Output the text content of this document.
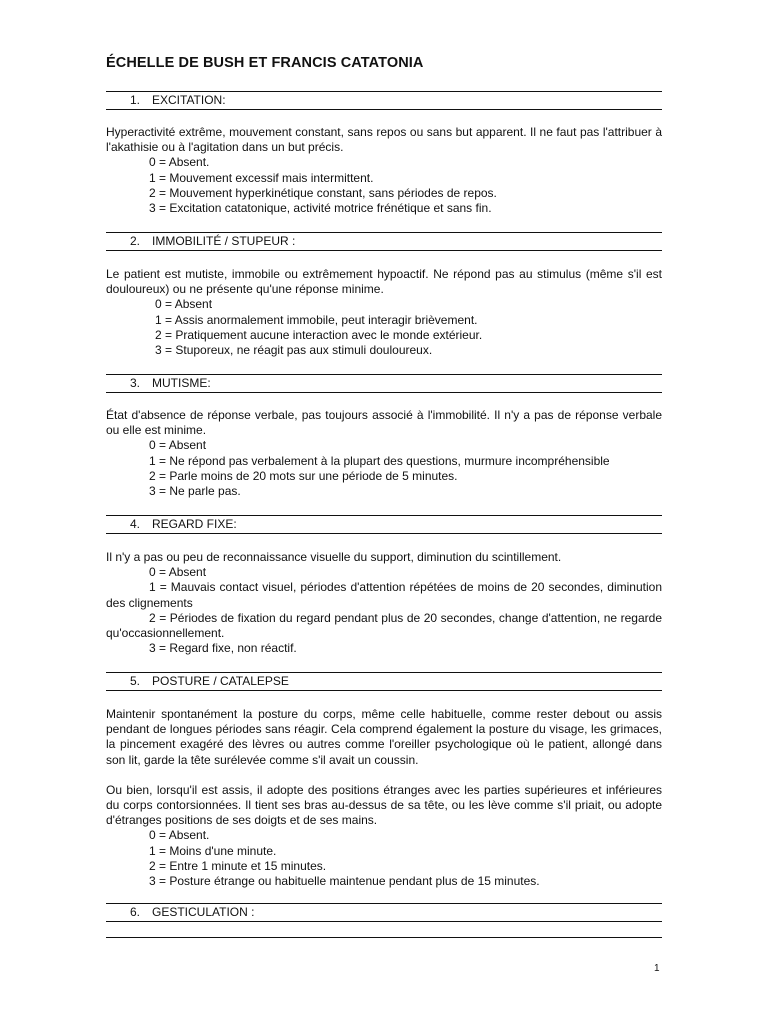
ÉCHELLE DE BUSH ET FRANCIS CATATONIA
1. EXCITATION:

Hyperactivité extrême, mouvement constant, sans repos ou sans but apparent. Il ne faut pas l'attribuer à l'akathisie ou à l'agitation dans un but précis.

0 = Absent.

1 = Mouvement excessif mais intermittent.

2 = Mouvement hyperkinétique constant, sans périodes de repos.

3 = Excitation catatonique, activité motrice frénétique et sans fin.

2. IMMOBILITÉ / STUPEUR :

Le patient est mutiste, immobile ou extrêmement hypoactif. Ne répond pas au stimulus (même s'il est douloureux) ou ne présente qu'une réponse minime.

0 = Absent

1 = Assis anormalement immobile, peut interagir brièvement.

2 = Pratiquement aucune interaction avec le monde extérieur.

3 = Stuporeux, ne réagit pas aux stimuli douloureux.

3. MUTISME:

État d'absence de réponse verbale, pas toujours associé à l'immobilité. Il n'y a pas de réponse verbale ou elle est minime.

0 = Absent

1 = Ne répond pas verbalement à la plupart des questions, murmure incompréhensible

2 = Parle moins de 20 mots sur une période de 5 minutes.

3 = Ne parle pas.

4. REGARD FIXE:

Il n'y a pas ou peu de reconnaissance visuelle du support, diminution du scintillement.

0 = Absent

1 = Mauvais contact visuel, périodes d'attention répétées de moins de 20 secondes, diminution des clignements

2 = Périodes de fixation du regard pendant plus de 20 secondes, change d'attention, ne regarde qu'occasionnellement.

3 = Regard fixe, non réactif.

5. POSTURE / CATALEPSE

Maintenir spontanément la posture du corps, même celle habituelle, comme rester debout ou assis pendant de longues périodes sans réagir. Cela comprend également la posture du visage, les grimaces, la pincement exagéré des lèvres ou autres comme l'oreiller psychologique où le patient, allongé dans son lit, garde la tête surélevée comme s'il avait un coussin.

Ou bien, lorsqu'il est assis, il adopte des positions étranges avec les parties supérieures et inférieures du corps contorsionnées. Il tient ses bras au-dessus de sa tête, ou les lève comme s'il priait, ou adopte d'étranges positions de ses doigts et de ses mains.

0 = Absent.

1 = Moins d'une minute.

2 = Entre 1 minute et 15 minutes.

3 = Posture étrange ou habituelle maintenue pendant plus de 15 minutes.

6. GESTICULATION :
1
